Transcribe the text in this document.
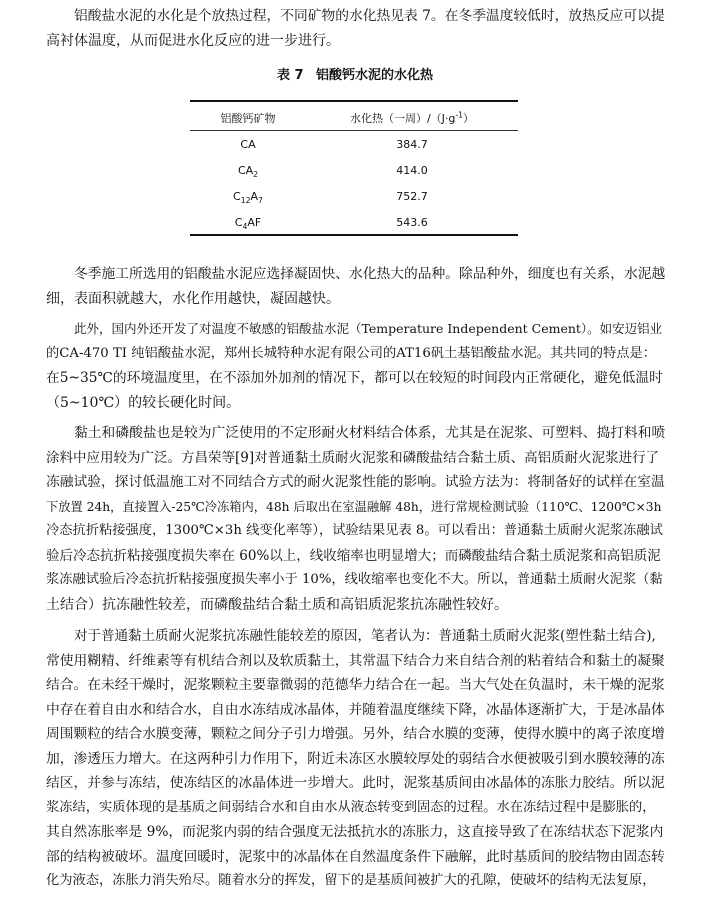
铝酸盐水泥的水化是个放热过程，不同矿物的水化热见表 7。在冬季温度较低时，放热反应可以提
高衬体温度，从而促进水化反应的进一步进行。
表 7 铝酸钙水泥的水化热
铝酸钙矿物	水化热（一周）$/(J\cdot g^{-1})$
CA	384.7
$CA_2$	414.0
$C_{12}A_7$	752.7
$C_4AF$	543.6
冬季施工所选用的铝酸盐水泥应选择凝固快、水化热大的品种。除品种外，细度也有关系，水泥越
细，表面积就越大，水化作用越快，凝固越快。
此外，国内外还开发了对温度不敏感的铝酸盐水泥（Temperature Independent Cement）。如安迈铝业
的CA-470 TI 纯铝酸盐水泥，郑州长城特种水泥有限公司的AT16矾土基铝酸盐水泥。其共同的特点是：
在5~35℃的环境温度里，在不添加外加剂的情况下，都可以在较短的时间段内正常硬化，避免低温时
（5~10℃）的较长硬化时间。
黏土和磷酸盐也是较为广泛使用的不定形耐火材料结合体系，尤其是在泥浆、可塑料、捣打料和喷
涂料中应用较为广泛。方昌荣等[9]对普通黏土质耐火泥浆和磷酸盐结合黏土质、高铝质耐火泥浆进行了
冻融试验，探讨低温施工对不同结合方式的耐火泥浆性能的影响。试验方法为：将制备好的试样在室温
下放置 24h，直接置入-25℃冷冻箱内，48h 后取出在室温融解 48h，进行常规检测试验（110℃、1200℃×3h
冷态抗折粘接强度，1300℃×3h 线变化率等），试验结果见表 8。可以看出：普通黏土质耐火泥浆冻融试
验后冷态抗折粘接强度损失率在 60%以上，线收缩率也明显增大；而磷酸盐结合黏土质泥浆和高铝质泥
浆冻融试验后冷态抗折粘接强度损失率小于 10%，线收缩率也变化不大。所以，普通黏土质耐火泥浆（黏
土结合）抗冻融性较差，而磷酸盐结合黏土质和高铝质泥浆抗冻融性较好。
对于普通黏土质耐火泥浆抗冻融性能较差的原因，笔者认为：普通黏土质耐火泥浆(塑性黏土结合),
常使用糊精、纤维素等有机结合剂以及软质黏土，其常温下结合力来自结合剂的粘着结合和黏土的凝聚
结合。在未经干燥时，泥浆颗粒主要靠微弱的范德华力结合在一起。当大气处在负温时，未干燥的泥浆
中存在着自由水和结合水，自由水冻结成冰晶体，并随着温度继续下降，冰晶体逐渐扩大，于是冰晶体
周围颗粒的结合水膜变薄，颗粒之间分子引力增强。另外，结合水膜的变薄，使得水膜中的离子浓度增
加，渗透压力增大。在这两种引力作用下，附近未冻区水膜较厚处的弱结合水便被吸引到水膜较薄的冻
结区，并参与冻结，使冻结区的冰晶体进一步增大。此时，泥浆基质间由冰晶体的冻胀力胶结。所以泥
浆冻结，实质体现的是基质之间弱结合水和自由水从液态转变到固态的过程。水在冻结过程中是膨胀的，
其自然冻胀率是 9%，而泥浆内弱的结合强度无法抵抗水的冻胀力，这直接导致了在冻结状态下泥浆内
部的结构被破坏。温度回暖时，泥浆中的冰晶体在自然温度条件下融解，此时基质间的胶结物由固态转
化为液态，冻胀力消失殆尽。随着水分的挥发，留下的是基质间被扩大的孔隙，使破坏的结构无法复原，
